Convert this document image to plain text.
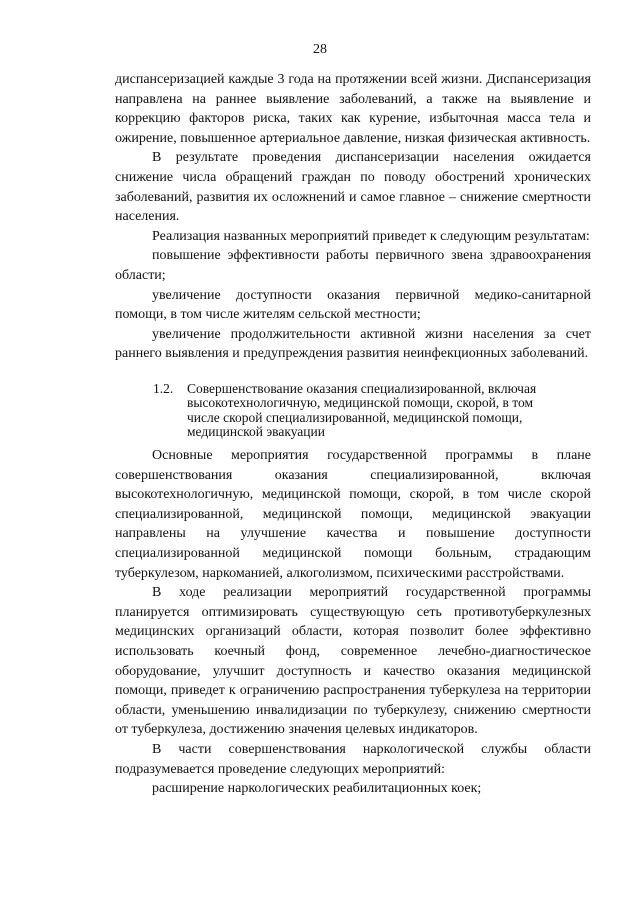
28

диспансеризацией каждые 3 года на протяжении всей жизни. Диспансеризация направлена на раннее выявление заболеваний, а также на выявление и коррекцию факторов риска, таких как курение, избыточная масса тела и ожирение, повышенное артериальное давление, низкая физическая активность.

В результате проведения диспансеризации населения ожидается снижение числа обращений граждан по поводу обострений хронических заболеваний, развития их осложнений и самое главное – снижение смертности населения.

Реализация названных мероприятий приведет к следующим результатам:

повышение эффективности работы первичного звена здравоохранения области;

увеличение доступности оказания первичной медико-санитарной помощи, в том числе жителям сельской местности;

увеличение продолжительности активной жизни населения за счет раннего выявления и предупреждения развития неинфекционных заболеваний.

1.2.	Совершенствование оказания специализированной, включая высокотехнологичную, медицинской помощи, скорой, в том числе скорой специализированной, медицинской помощи, медицинской эвакуации

Основные мероприятия государственной программы в плане совершенствования оказания специализированной, включая высокотехнологичную, медицинской помощи, скорой, в том числе скорой специализированной, медицинской помощи, медицинской эвакуации направлены на улучшение качества и повышение доступности специализированной медицинской помощи больным, страдающим туберкулезом, наркоманией, алкоголизмом, психическими расстройствами.

В ходе реализации мероприятий государственной программы планируется оптимизировать существующую сеть противотуберкулезных медицинских организаций области, которая позволит более эффективно использовать коечный фонд, современное лечебно-диагностическое оборудование, улучшит доступность и качество оказания медицинской помощи, приведет к ограничению распространения туберкулеза на территории области, уменьшению инвалидизации по туберкулезу, снижению смертности от туберкулеза, достижению значения целевых индикаторов.

В части совершенствования наркологической службы области подразумевается проведение следующих мероприятий:

расширение наркологических реабилитационных коек;
